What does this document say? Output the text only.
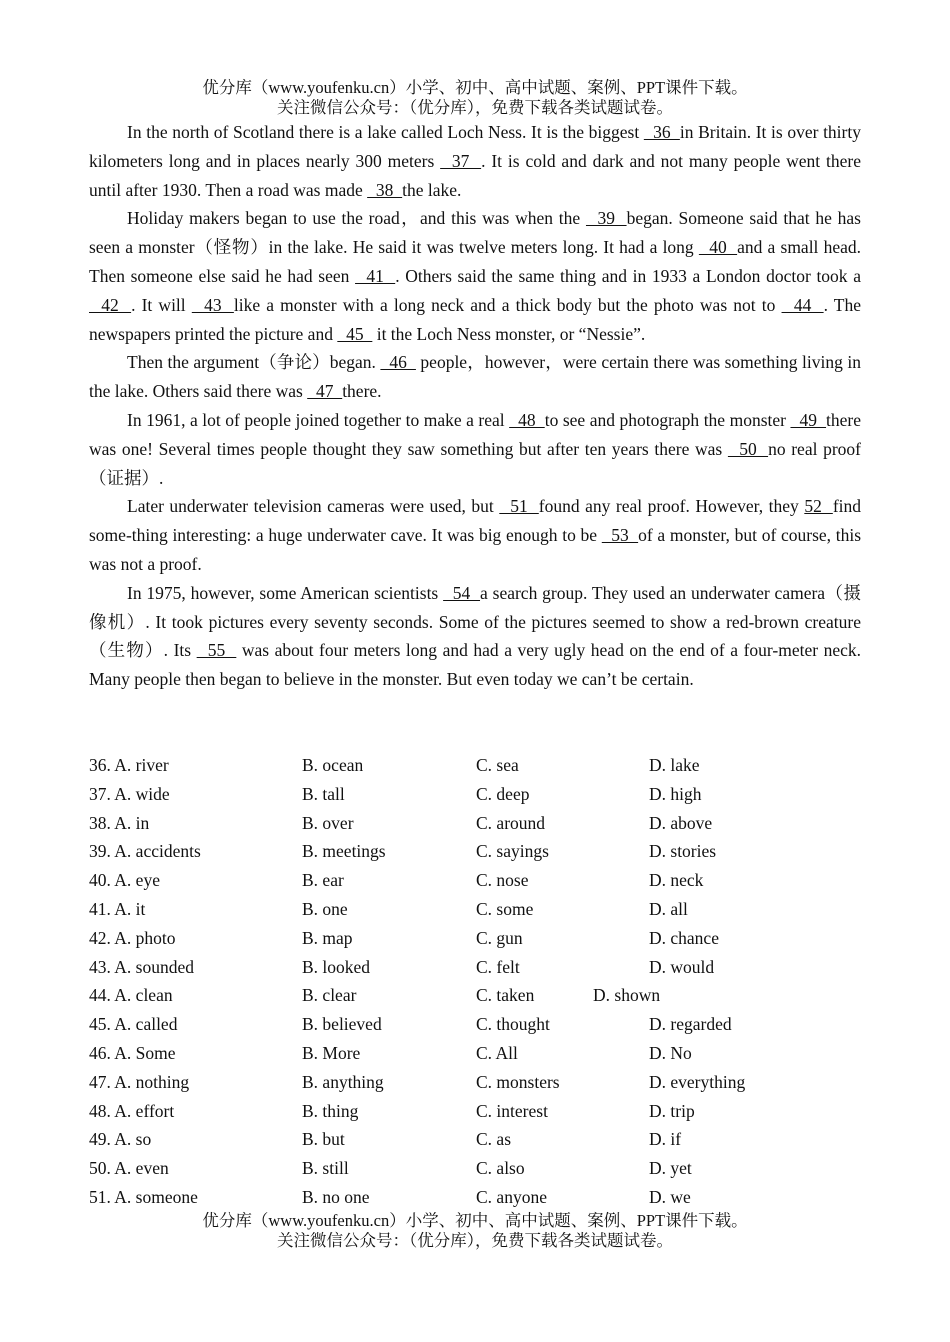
优分库（www.youfenku.cn）小学、初中、高中试题、案例、PPT课件下载。
关注微信公众号：（优分库），免费下载各类试题试卷。

In the north of Scotland there is a lake called Loch Ness. It is the biggest   36  in Britain. It is over thirty kilometers long and in places nearly 300 meters   37  . It is cold and dark and not many people went there until after 1930. Then a road was made   38  the lake.

Holiday makers began to use the road，and this was when the   39  began. Someone said that he has seen a monster（怪物）in the lake. He said it was twelve meters long. It had a long   40  and a small head. Then someone else said he had seen   41  . Others said the same thing and in 1933 a London doctor took a   42  . It will   43  like a monster with a long neck and a thick body but the photo was not to   44  . The newspapers printed the picture and   45   it the Loch Ness monster, or “Nessie”.

Then the argument（争论）began.   46   people，however，were certain there was something living in the lake. Others said there was   47  there.

In 1961, a lot of people joined together to make a real   48  to see and photograph the monster   49  there was one! Several times people thought they saw something but after ten years there was   50  no real proof（证据）.

Later underwater television cameras were used, but   51  found any real proof. However, they 52  find some-thing interesting: a huge underwater cave. It was big enough to be   53  of a monster, but of course, this was not a proof.

In 1975, however, some American scientists   54  a search group. They used an underwater camera（摄像机）. It took pictures every seventy seconds. Some of the pictures seemed to show a red-brown creature（生物）. Its   55   was about four meters long and had a very ugly head on the end of a four-meter neck. Many people then began to believe in the monster. But even today we can’t be certain.

36. A. river	B. ocean	C. sea	D. lake
37. A. wide	B. tall	C. deep	D. high
38. A. in	B. over	C. around	D. above
39. A. accidents	B. meetings	C. sayings	D. stories
40. A. eye	B. ear	C. nose	D. neck
41. A. it	B. one	C. some	D. all
42. A. photo	B. map	C. gun	D. chance
43. A. sounded	B. looked	C. felt	D. would
44. A. clean	B. clear	C. taken	D. shown
45. A. called	B. believed	C. thought	D. regarded
46. A. Some	B. More	C. All	D. No
47. A. nothing	B. anything	C. monsters	D. everything
48. A. effort	B. thing	C. interest	D. trip
49. A. so	B. but	C. as	D. if
50. A. even	B. still	C. also	D. yet
51. A. someone	B. no one	C. anyone	D. we
优分库（www.youfenku.cn）小学、初中、高中试题、案例、PPT课件下载。
关注微信公众号：（优分库），免费下载各类试题试卷。
